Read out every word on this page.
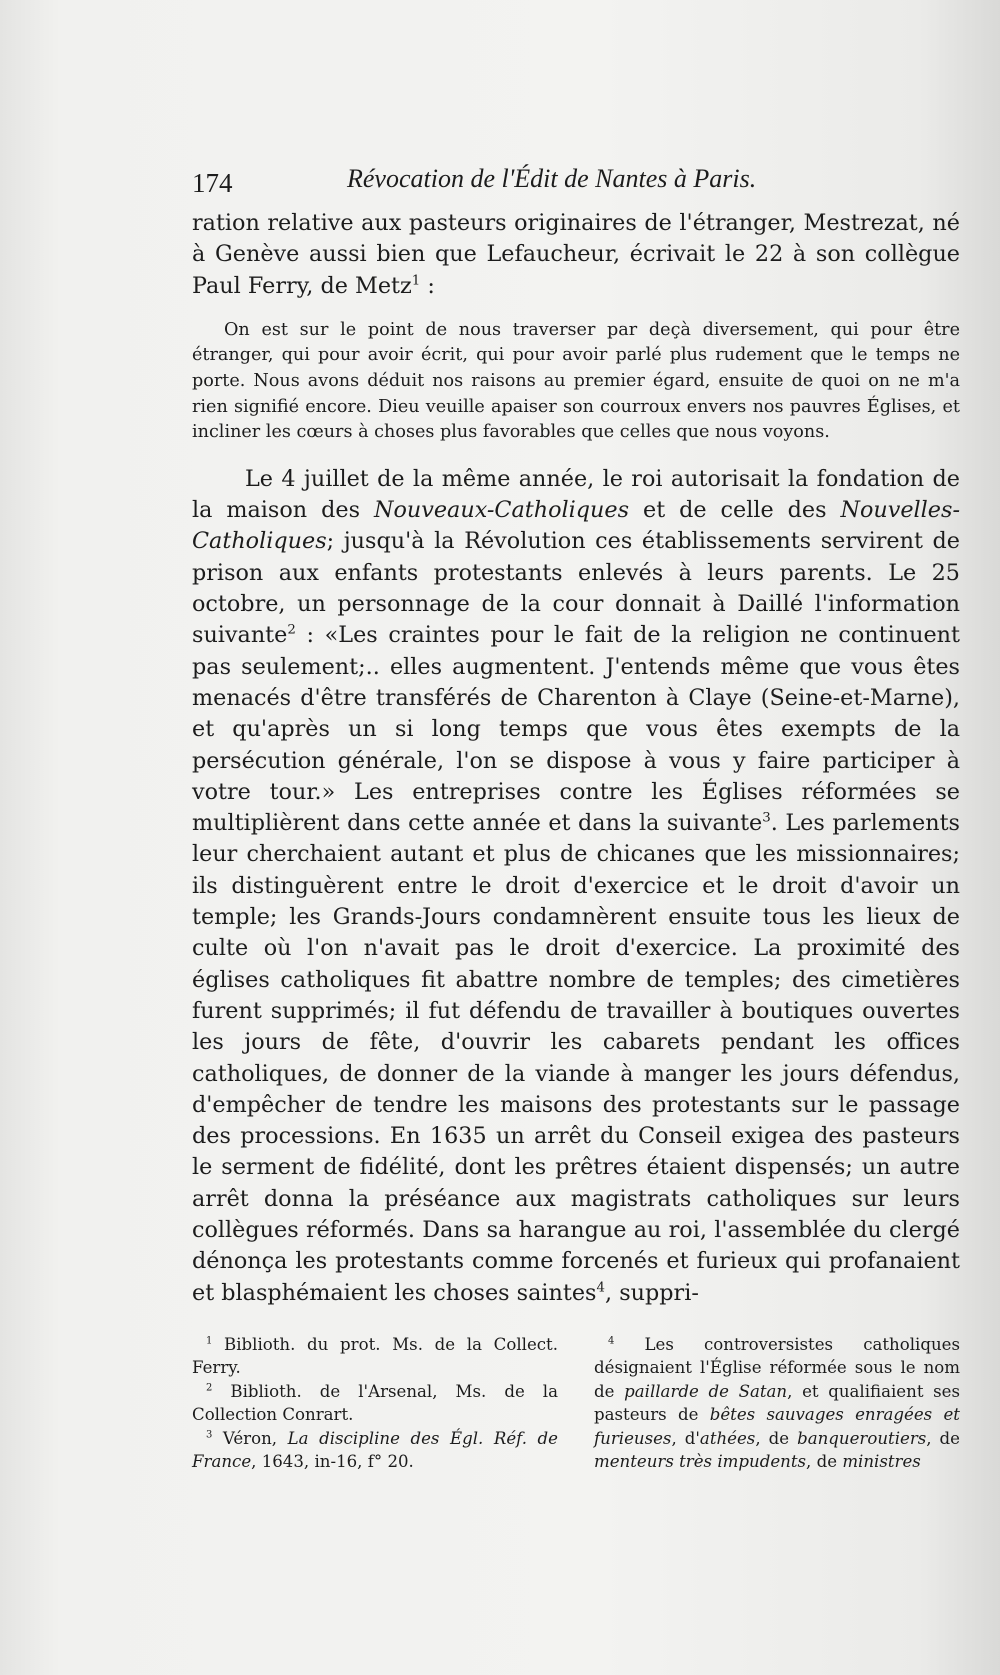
174	Révocation de l'Édit de Nantes à Paris.

ration relative aux pasteurs originaires de l'étranger, Mestrezat, né à Genève aussi bien que Lefaucheur, écrivait le 22 à son collègue Paul Ferry, de Metz$^1$ :

On est sur le point de nous traverser par deçà diversement, qui pour être étranger, qui pour avoir écrit, qui pour avoir parlé plus rudement que le temps ne porte. Nous avons déduit nos raisons au premier égard, ensuite de quoi on ne m'a rien signifié encore. Dieu veuille apaiser son courroux envers nos pauvres Églises, et incliner les cœurs à choses plus favorables que celles que nous voyons.

Le 4 juillet de la même année, le roi autorisait la fondation de la maison des Nouveaux-Catholiques et de celle des Nouvelles-Catholiques; jusqu'à la Révolution ces établissements servirent de prison aux enfants protestants enlevés à leurs parents. Le 25 octobre, un personnage de la cour donnait à Daillé l'information suivante$^2$ : «Les craintes pour le fait de la religion ne continuent pas seulement;.. elles augmentent. J'entends même que vous êtes menacés d'être transférés de Charenton à Claye (Seine-et-Marne), et qu'après un si long temps que vous êtes exempts de la persécution générale, l'on se dispose à vous y faire participer à votre tour.» Les entreprises contre les Églises réformées se multiplièrent dans cette année et dans la suivante$^3$. Les parlements leur cherchaient autant et plus de chicanes que les missionnaires; ils distinguèrent entre le droit d'exercice et le droit d'avoir un temple; les Grands-Jours condamnèrent ensuite tous les lieux de culte où l'on n'avait pas le droit d'exercice. La proximité des églises catholiques fit abattre nombre de temples; des cimetières furent supprimés; il fut défendu de travailler à boutiques ouvertes les jours de fête, d'ouvrir les cabarets pendant les offices catholiques, de donner de la viande à manger les jours défendus, d'empêcher de tendre les maisons des protestants sur le passage des processions. En 1635 un arrêt du Conseil exigea des pasteurs le serment de fidélité, dont les prêtres étaient dispensés; un autre arrêt donna la préséance aux magistrats catholiques sur leurs collègues réformés. Dans sa harangue au roi, l'assemblée du clergé dénonça les protestants comme forcenés et furieux qui profanaient et blasphémaient les choses saintes$^4$, suppri-

$^1$ Biblioth. du prot. Ms. de la Collect. Ferry.

$^2$ Biblioth. de l'Arsenal, Ms. de la Collection Conrart.

$^3$ Véron, La discipline des Égl. Réf. de France, 1643, in-16, f° 20.

$^4$ Les controversistes catholiques désignaient l'Église réformée sous le nom de paillarde de Satan, et qualifiaient ses pasteurs de bêtes sauvages enragées et furieuses, d'athées, de banqueroutiers, de menteurs très impudents, de ministres
